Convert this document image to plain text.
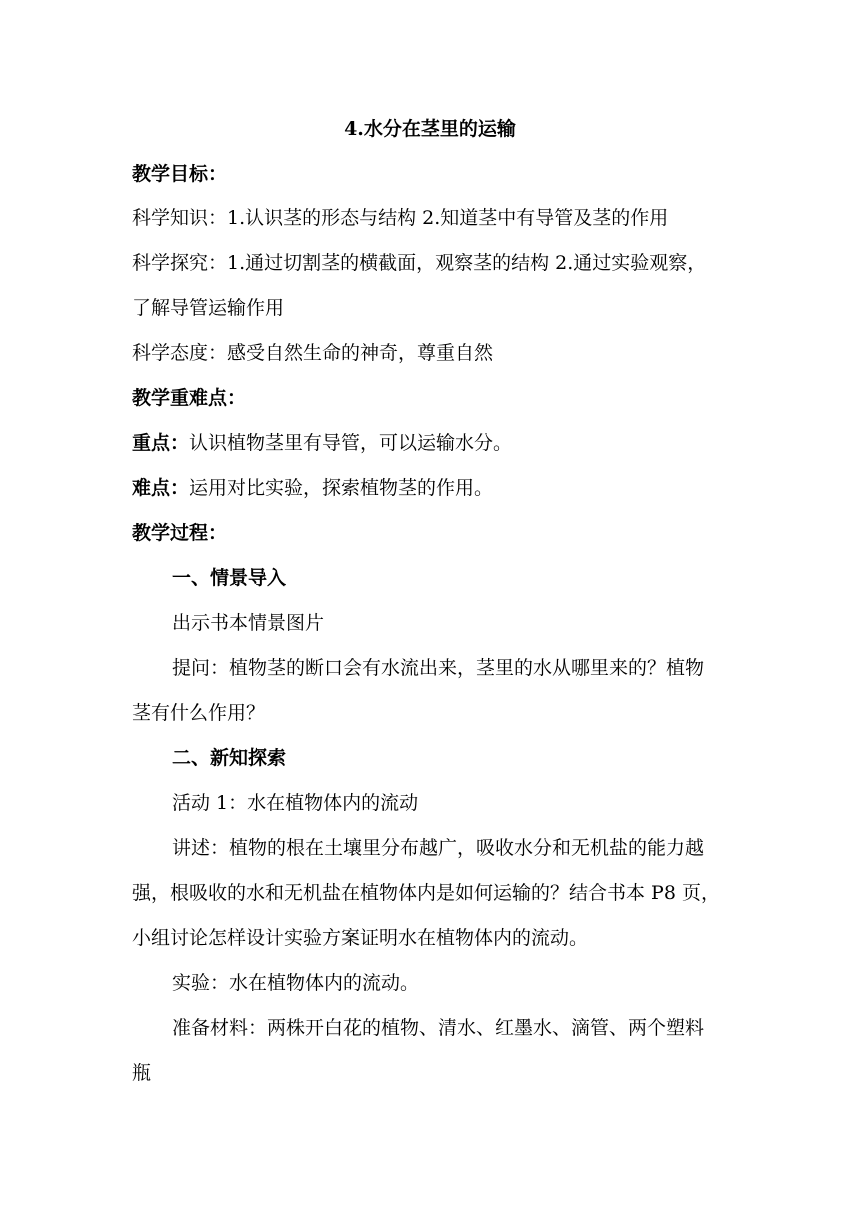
4.水分在茎里的运输
教学目标：
科学知识：1.认识茎的形态与结构 2.知道茎中有导管及茎的作用
科学探究：1.通过切割茎的横截面，观察茎的结构 2.通过实验观察，
了解导管运输作用
科学态度：感受自然生命的神奇，尊重自然
教学重难点：
重点：认识植物茎里有导管，可以运输水分。
难点：运用对比实验，探索植物茎的作用。
教学过程：
一、情景导入
出示书本情景图片
提问：植物茎的断口会有水流出来，茎里的水从哪里来的？植物
茎有什么作用？
二、新知探索
活动 1：水在植物体内的流动
讲述：植物的根在土壤里分布越广，吸收水分和无机盐的能力越
强，根吸收的水和无机盐在植物体内是如何运输的？结合书本 P8 页，
小组讨论怎样设计实验方案证明水在植物体内的流动。
实验：水在植物体内的流动。
准备材料：两株开白花的植物、清水、红墨水、滴管、两个塑料
瓶
